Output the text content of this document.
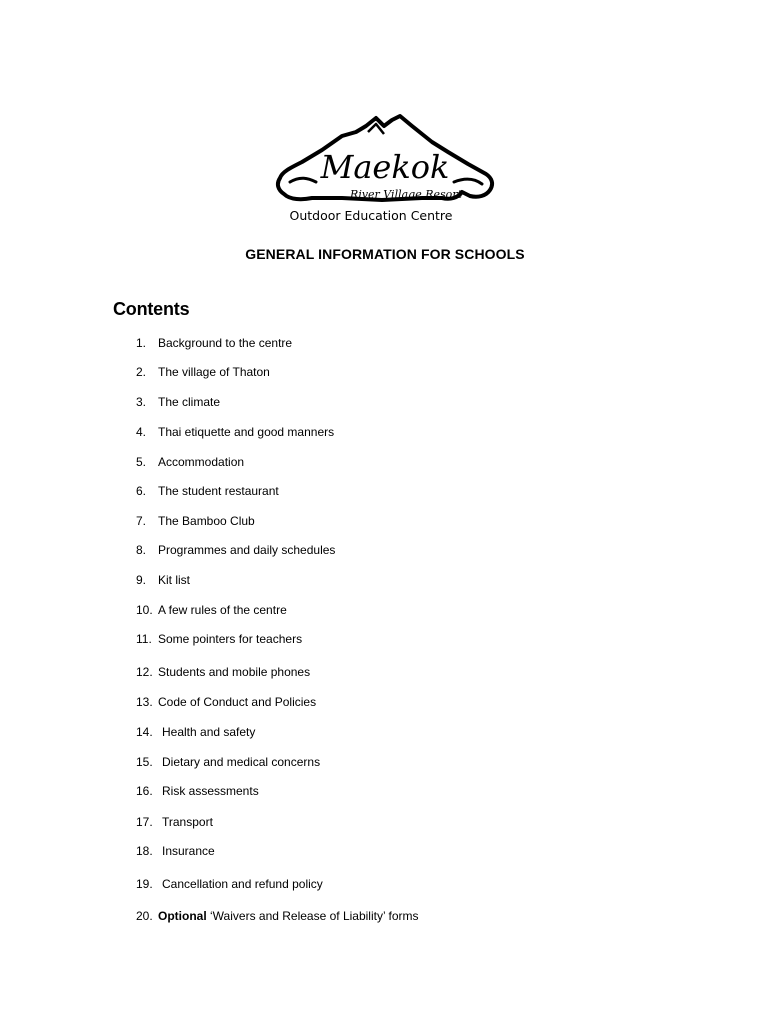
Maekok
River Village Resort
Outdoor Education Centre
GENERAL INFORMATION FOR SCHOOLS
Contents
1. Background to the centre
2. The village of Thaton
3. The climate
4. Thai etiquette and good manners
5. Accommodation
6. The student restaurant
7. The Bamboo Club
8. Programmes and daily schedules
9. Kit list
10. A few rules of the centre
11. Some pointers for teachers
12. Students and mobile phones
13. Code of Conduct and Policies
14. Health and safety
15. Dietary and medical concerns
16. Risk assessments
17. Transport
18. Insurance
19. Cancellation and refund policy
20. Optional ‘Waivers and Release of Liability’ forms
